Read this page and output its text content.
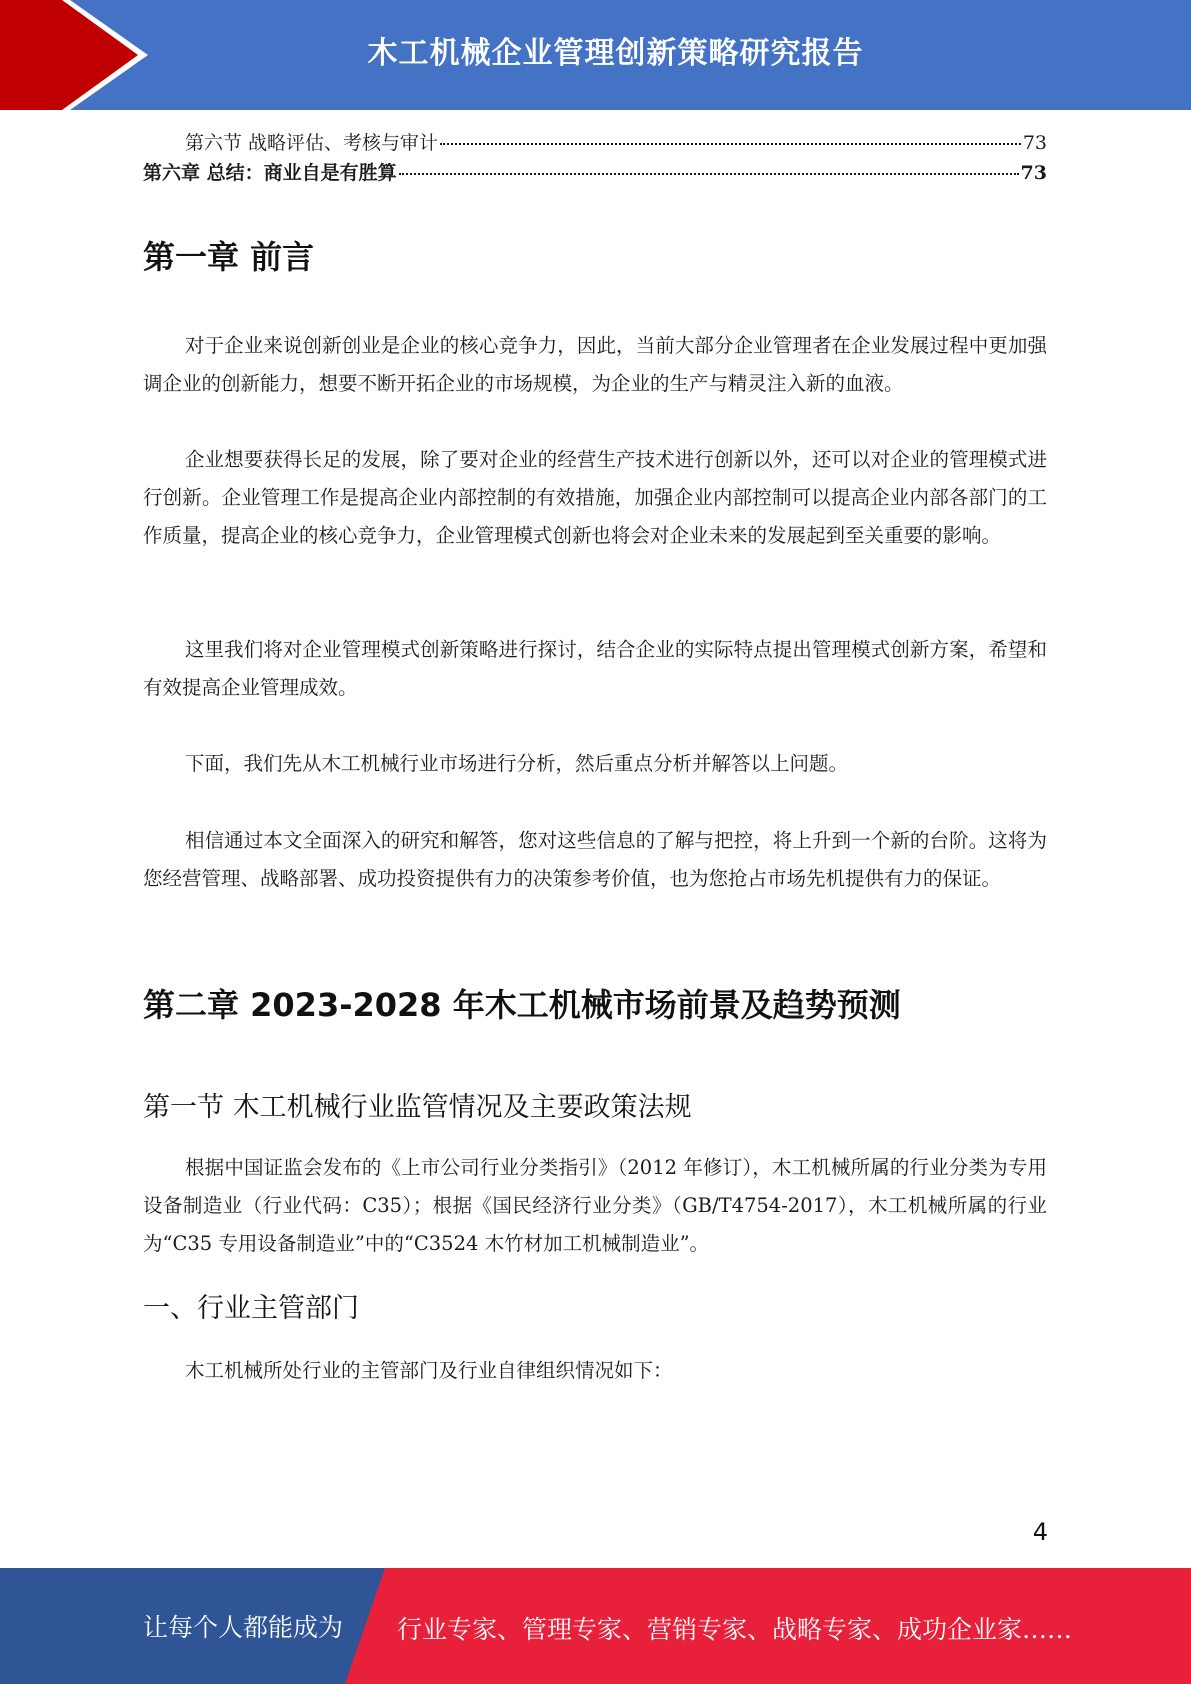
木工机械企业管理创新策略研究报告
第六节 战略评估、考核与审计	73
第六章 总结：商业自是有胜算	73
第一章 前言

对于企业来说创新创业是企业的核心竞争力，因此，当前大部分企业管理者在企业发展过程中更加强调企业的创新能力，想要不断开拓企业的市场规模，为企业的生产与精灵注入新的血液。

企业想要获得长足的发展，除了要对企业的经营生产技术进行创新以外，还可以对企业的管理模式进行创新。企业管理工作是提高企业内部控制的有效措施，加强企业内部控制可以提高企业内部各部门的工作质量，提高企业的核心竞争力，企业管理模式创新也将会对企业未来的发展起到至关重要的影响。

这里我们将对企业管理模式创新策略进行探讨，结合企业的实际特点提出管理模式创新方案，希望和有效提高企业管理成效。

下面，我们先从木工机械行业市场进行分析，然后重点分析并解答以上问题。

相信通过本文全面深入的研究和解答，您对这些信息的了解与把控，将上升到一个新的台阶。这将为您经营管理、战略部署、成功投资提供有力的决策参考价值，也为您抢占市场先机提供有力的保证。

第二章 2023-2028 年木工机械市场前景及趋势预测
第一节 木工机械行业监管情况及主要政策法规

根据中国证监会发布的《上市公司行业分类指引》（2012 年修订），木工机械所属的行业分类为专用设备制造业（行业代码：C35）；根据《国民经济行业分类》（GB/T4754-2017），木工机械所属的行业为“C35 专用设备制造业”中的“C3524 木竹材加工机械制造业”。

一、行业主管部门

木工机械所处行业的主管部门及行业自律组织情况如下：

4
让每个人都能成为 行业专家、管理专家、营销专家、战略专家、成功企业家……
